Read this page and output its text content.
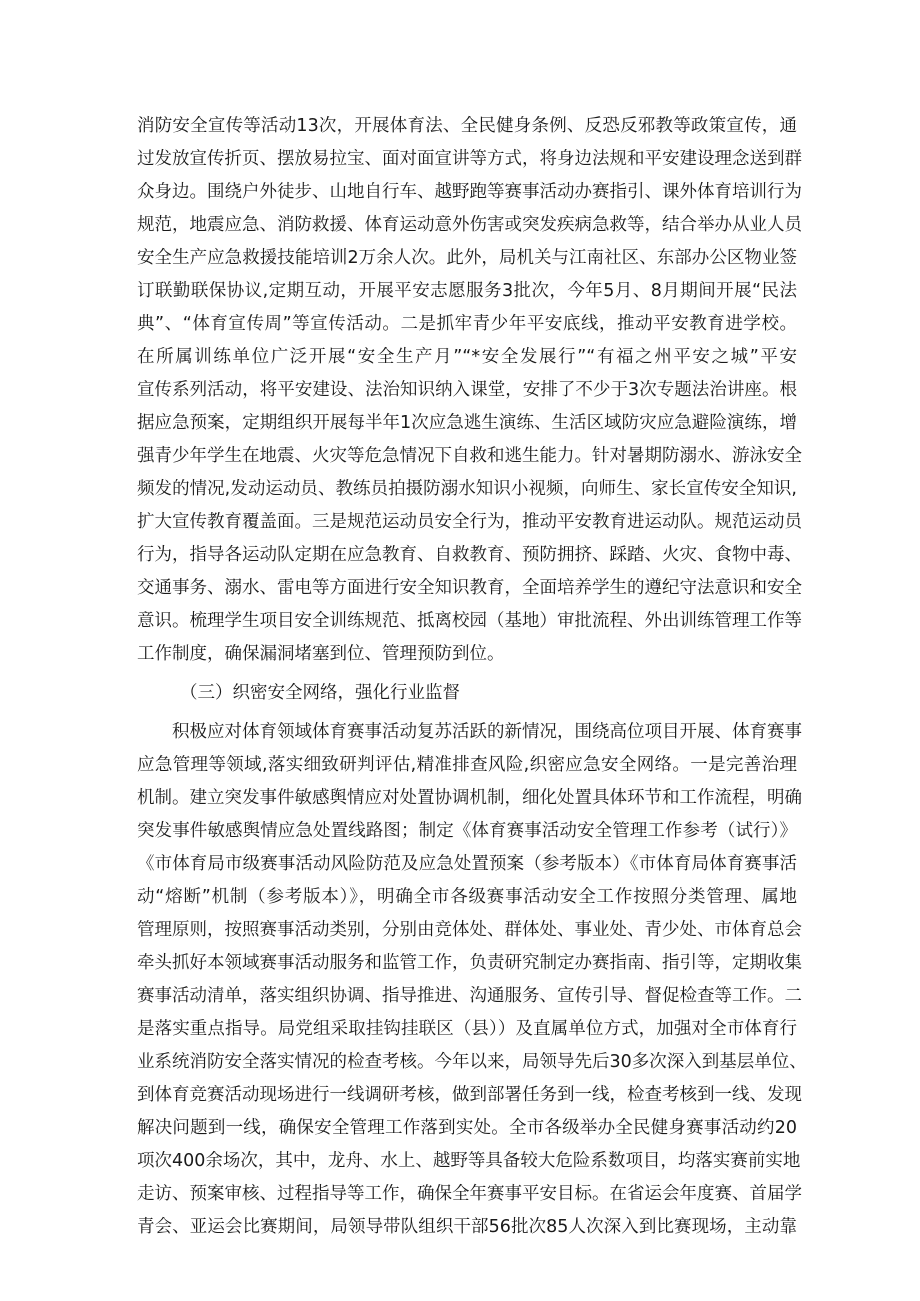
消防安全宣传等活动13次，开展体育法、全民健身条例、反恐反邪教等政策宣传，通
过发放宣传折页、摆放易拉宝、面对面宣讲等方式，将身边法规和平安建设理念送到群
众身边。围绕户外徒步、山地自行车、越野跑等赛事活动办赛指引、课外体育培训行为
规范，地震应急、消防救援、体育运动意外伤害或突发疾病急救等，结合举办从业人员
安全生产应急救援技能培训2万余人次。此外，局机关与江南社区、东部办公区物业签
订联勤联保协议,定期互动，开展平安志愿服务3批次，今年5月、8月期间开展“民法
典”、“体育宣传周”等宣传活动。二是抓牢青少年平安底线，推动平安教育进学校。
在所属训练单位广泛开展“安全生产月”“*安全发展行”“有福之州平安之城”平安
宣传系列活动，将平安建设、法治知识纳入课堂，安排了不少于3次专题法治讲座。根
据应急预案，定期组织开展每半年1次应急逃生演练、生活区域防灾应急避险演练，增
强青少年学生在地震、火灾等危急情况下自救和逃生能力。针对暑期防溺水、游泳安全
频发的情况,发动运动员、教练员拍摄防溺水知识小视频，向师生、家长宣传安全知识,
扩大宣传教育覆盖面。三是规范运动员安全行为，推动平安教育进运动队。规范运动员
行为，指导各运动队定期在应急教育、自救教育、预防拥挤、踩踏、火灾、食物中毒、
交通事务、溺水、雷电等方面进行安全知识教育，全面培养学生的遵纪守法意识和安全
意识。梳理学生项目安全训练规范、抵离校园（基地）审批流程、外出训练管理工作等
工作制度，确保漏洞堵塞到位、管理预防到位。
（三）织密安全网络，强化行业监督
积极应对体育领域体育赛事活动复苏活跃的新情况，围绕高位项目开展、体育赛事
应急管理等领域,落实细致研判评估,精准排查风险,织密应急安全网络。一是完善治理
机制。建立突发事件敏感舆情应对处置协调机制，细化处置具体环节和工作流程，明确
突发事件敏感舆情应急处置线路图；制定《体育赛事活动安全管理工作参考（试行）》
《市体育局市级赛事活动风险防范及应急处置预案（参考版本）《市体育局体育赛事活
动“熔断”机制（参考版本）》，明确全市各级赛事活动安全工作按照分类管理、属地
管理原则，按照赛事活动类别，分别由竞体处、群体处、事业处、青少处、市体育总会
牵头抓好本领域赛事活动服务和监管工作，负责研究制定办赛指南、指引等，定期收集
赛事活动清单，落实组织协调、指导推进、沟通服务、宣传引导、督促检查等工作。二
是落实重点指导。局党组采取挂钩挂联区（县））及直属单位方式，加强对全市体育行
业系统消防安全落实情况的检查考核。今年以来，局领导先后30多次深入到基层单位、
到体育竞赛活动现场进行一线调研考核，做到部署任务到一线，检查考核到一线、发现
解决问题到一线，确保安全管理工作落到实处。全市各级举办全民健身赛事活动约20
项次400余场次，其中，龙舟、水上、越野等具备较大危险系数项目，均落实赛前实地
走访、预案审核、过程指导等工作，确保全年赛事平安目标。在省运会年度赛、首届学
青会、亚运会比赛期间，局领导带队组织干部56批次85人次深入到比赛现场，主动靠
